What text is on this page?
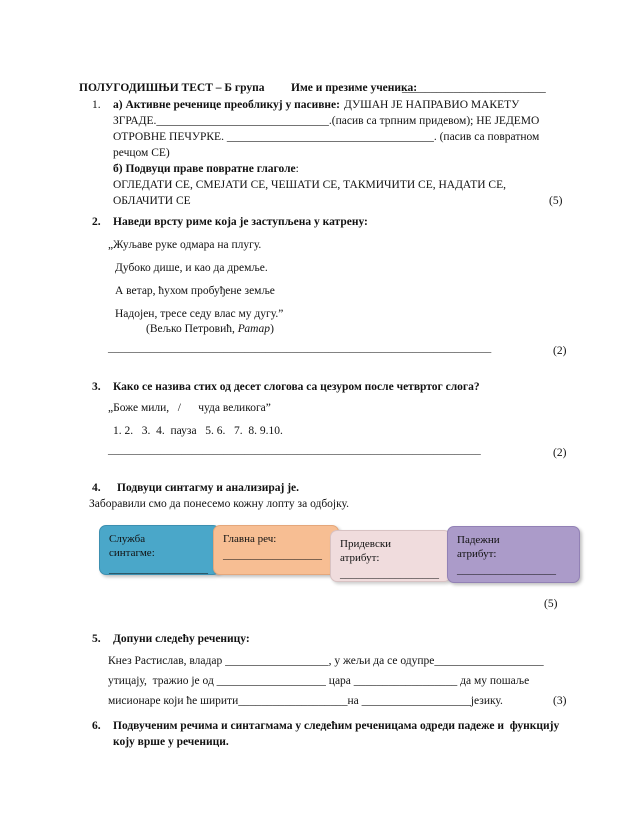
ПОЛУГОДИШЊИ ТЕСТ – Б група Име и презиме ученика:
_________________________
1. а) Активне реченице преобликуј у пасивне: ДУШАН ЈЕ НАПРАВИО МАКЕТУ
ЗГРАДЕ.______________________________.(пасив са трпним придевом); НЕ ЈЕДЕМО
ОТРОВНЕ ПЕЧУРКЕ. ____________________________________. (пасив са повратном
речцом СЕ)
б) Подвуци праве повратне глаголе:
ОГЛЕДАТИ СЕ, СМЕЈАТИ СЕ, ЧЕШАТИ СЕ, ТАКМИЧИТИ СЕ, НАДАТИ СЕ,
ОБЛАЧИТИ СЕ	(5)
2. Наведи врсту риме која је заступљена у катрену:
„Жуљаве руке одмара на плугу.
Дубоко дише, и као да дремље.
А ветар, ћухом пробуђене земље
Надојен, тресе седу влас му дугу.”
(Вељко Петровић, Ратар)
_________________________________________________________________________	(2)
3. Како се назива стих од десет слогова са цезуром после четвртог слога?
„Боже мили,   /      чуда великога”
1. 2.   3.  4.  пауза   5. 6.   7.  8. 9.10.
_______________________________________________________________________	(2)
4. Подвуци синтагму и анализирај је.
Заборавили смо да понесемо кожну лопту за одбојку.
Служба
синтагме:
__________________
Главна реч:

__________________
Придевски
атрибут:
__________________
Падежни
атрибут:
__________________
(5)
5. Допуни следећу реченицу:
Кнез Растислав, владар __________________, у жељи да се одупре___________________
утицају,  тражио је од ___________________ цара __________________ да му пошаље
мисионаре који ће ширити___________________на ___________________језику.	(3)
6. Подвученим речима и синтагмама у следећим реченицама одреди падеже и  функцију
коју врше у реченици.
